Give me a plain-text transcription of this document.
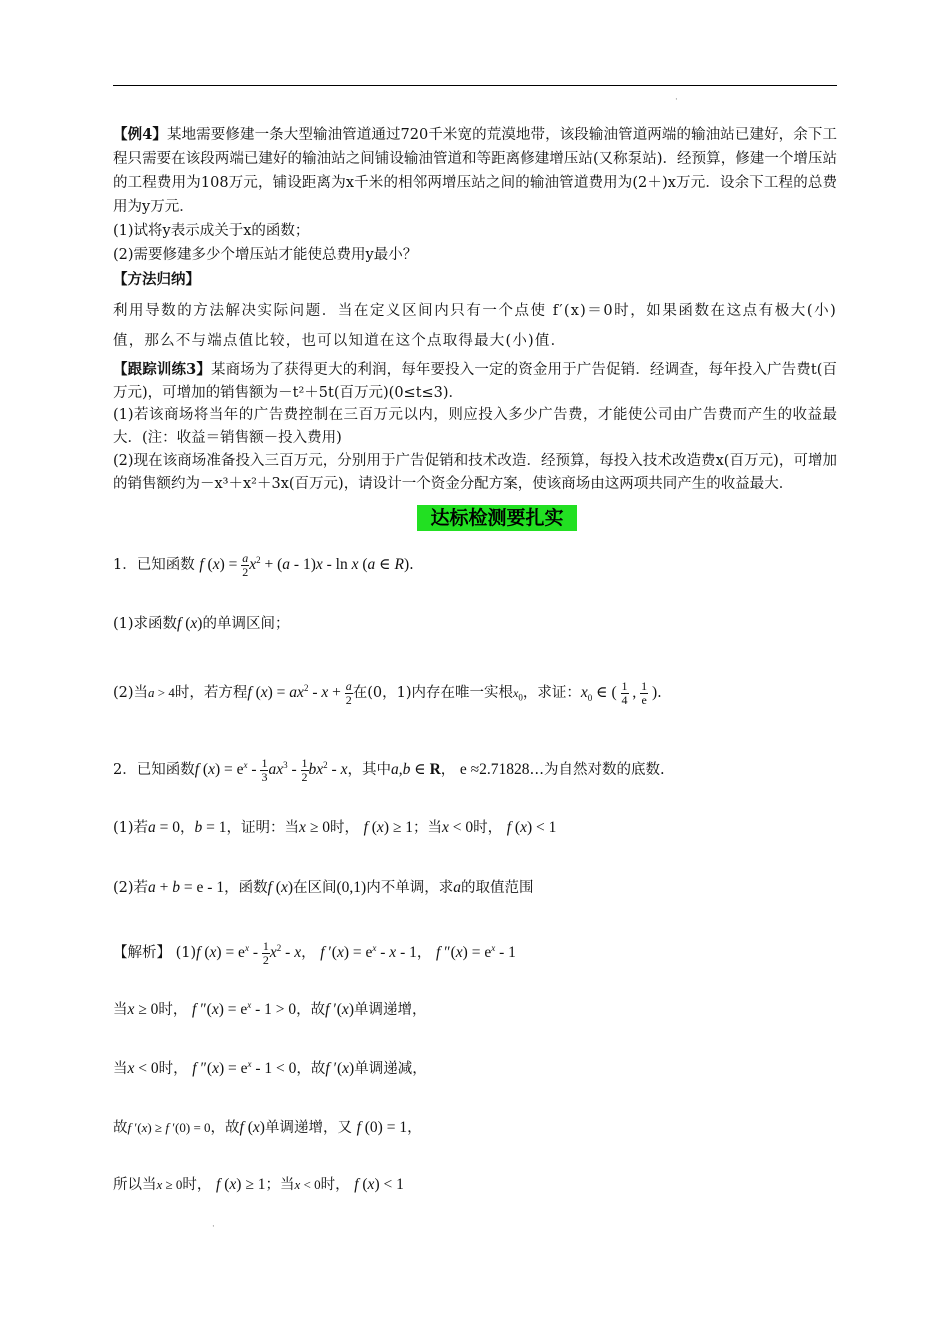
·
【例4】某地需要修建一条大型输油管道通过720千米宽的荒漠地带，该段输油管道两端的输油站已建好，余下工程只需要在该段两端已建好的输油站之间铺设输油管道和等距离修建增压站(又称泵站)．经预算，修建一个增压站的工程费用为108万元，铺设距离为x千米的相邻两增压站之间的输油管道费用为(2＋)x万元．设余下工程的总费用为y万元．
(1)试将y表示成关于x的函数；
(2)需要修建多少个增压站才能使总费用y最小？
【方法归纳】
利用导数的方法解决实际问题．当在定义区间内只有一个点使 f′(x)＝0时，如果函数在这点有极大(小)值，那么不与端点值比较，也可以知道在这个点取得最大(小)值．
【跟踪训练3】某商场为了获得更大的利润，每年要投入一定的资金用于广告促销．经调查，每年投入广告费t(百万元)，可增加的销售额为－t²＋5t(百万元)(0≤t≤3)．
(1)若该商场将当年的广告费控制在三百万元以内，则应投入多少广告费，才能使公司由广告费而产生的收益最大．(注：收益＝销售额－投入费用)
(2)现在该商场准备投入三百万元，分别用于广告促销和技术改造．经预算，每投入技术改造费x(百万元)，可增加的销售额约为－x³＋x²＋3x(百万元)，请设计一个资金分配方案，使该商场由这两项共同产生的收益最大．
达标检测要扎实
1．已知函数 f $(x) = \frac{a}{2} x^2 + (a - 1)x - \ln x$ (a ∈ R).
(1)求函数f (x)的单调区间；
(2)当a > 4时，若方程f $(x) = ax^2 - x + \frac{a}{2}$ 在(0，1)内存在唯一实根$x_0$，求证：$x_0$ ∈ ( $\frac{1}{4}$ , $\frac{1}{e}$ ).
2．已知函数f $(x) = e^x - \frac{1}{3} ax^3 - \frac{1}{2} bx^2 - x$，其中a,b ∈ R， e ≈2.71828…为自然对数的底数.
(1)若a = 0，b = 1，证明：当x ≥ 0时， f (x) ≥ 1；当x < 0时， f (x) < 1
(2)若a + b = e - 1，函数f (x)在区间(0,1)内不单调，求a的取值范围
【解析】 (1)f $(x) = e^x - \frac{1}{2} x^2 - x$， f $'(x) = e^x - x - 1$， f $''(x) = e^x - 1$
当x ≥ 0时， f $''(x) = e^x - 1 > 0$，故f ′(x)单调递增，
当x < 0时， f $''(x) = e^x - 1 < 0$，故f ′(x)单调递减，
故f ′(x) ≥ f ′(0) = 0，故f (x)单调递增，又 f (0) = 1，
所以当x ≥ 0时， f (x) ≥ 1；当x < 0时， f (x) < 1
·
